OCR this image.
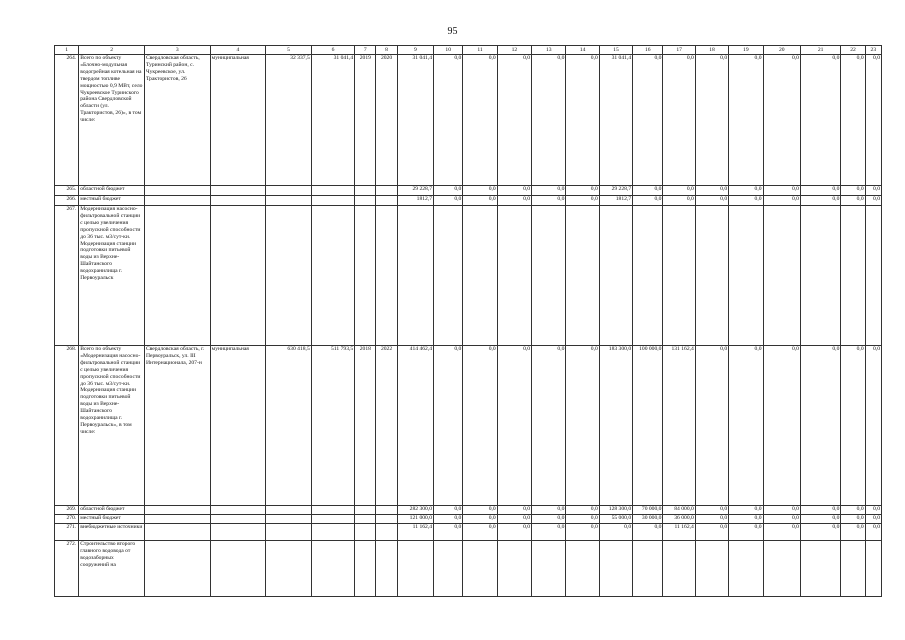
95
1	2	3	4	5	6	7	8	9	10	11	12	13	14	15	16	17	18	19	20	21	22	23
264.	Всего по объекту «Блочно-модульная водогрейная котельная на твердом топливе мощностью 0,9 МВт, село Чукреевское Туринского района Свердловской области (ул. Трактористов, 26)», в том числе:	Свердловская область, Туринский район, с. Чукреевское, ул. Трактористов, 26	муниципальная	32 337,5	31 041,4	2019	2020	31 041,4	0,0	0,0	0,0	0,0	0,0	31 041,4	0,0	0,0	0,0	0,0	0,0	0,0	0,0	0,0
265.	областной бюджет							29 228,7	0,0	0,0	0,0	0,0	0,0	29 228,7	0,0	0,0	0,0	0,0	0,0	0,0	0,0	0,0
266.	местный бюджет							1812,7	0,0	0,0	0,0	0,0	0,0	1812,7	0,0	0,0	0,0	0,0	0,0	0,0	0,0	0,0
267.	Модернизация насосно-фильтровальной станции с целью увеличения пропускной способности до 36 тыс. м3/сут-ки. Модернизация станции подготовки питьевой воды из Верхне-Шайтанского водохранилища г. Первоуральск																					
268.	Всего по объекту «Модернизация насосно-фильтровальной станции с целью увеличения пропускной способности до 36 тыс. м3/сут-ки. Модернизация станции подготовки питьевой воды из Верхне-Шайтанского водохранилища г. Первоуральск», в том числе:	Свердловская область, г. Первоуральск, ул. III Интернационала, 207-н	муниципальная	630 418,5	511 793,5	2018	2022	414 462,4	0,0	0,0	0,0	0,0	0,0	183 300,0	100 000,0	131 162,4	0,0	0,0	0,0	0,0	0,0	0,0
269.	областной бюджет							282 300,0	0,0	0,0	0,0	0,0	0,0	128 300,0	70 000,0	84 000,0	0,0	0,0	0,0	0,0	0,0	0,0
270.	местный бюджет							121 000,0	0,0	0,0	0,0	0,0	0,0	55 000,0	30 000,0	36 000,0	0,0	0,0	0,0	0,0	0,0	0,0
271.	внебюджетные источники							11 162,4	0,0	0,0	0,0	0,0	0,0	0,0	0,0	11 162,4	0,0	0,0	0,0	0,0	0,0	0,0
272.	Строительство второго главного водовода от водозаборных сооружений на																					
